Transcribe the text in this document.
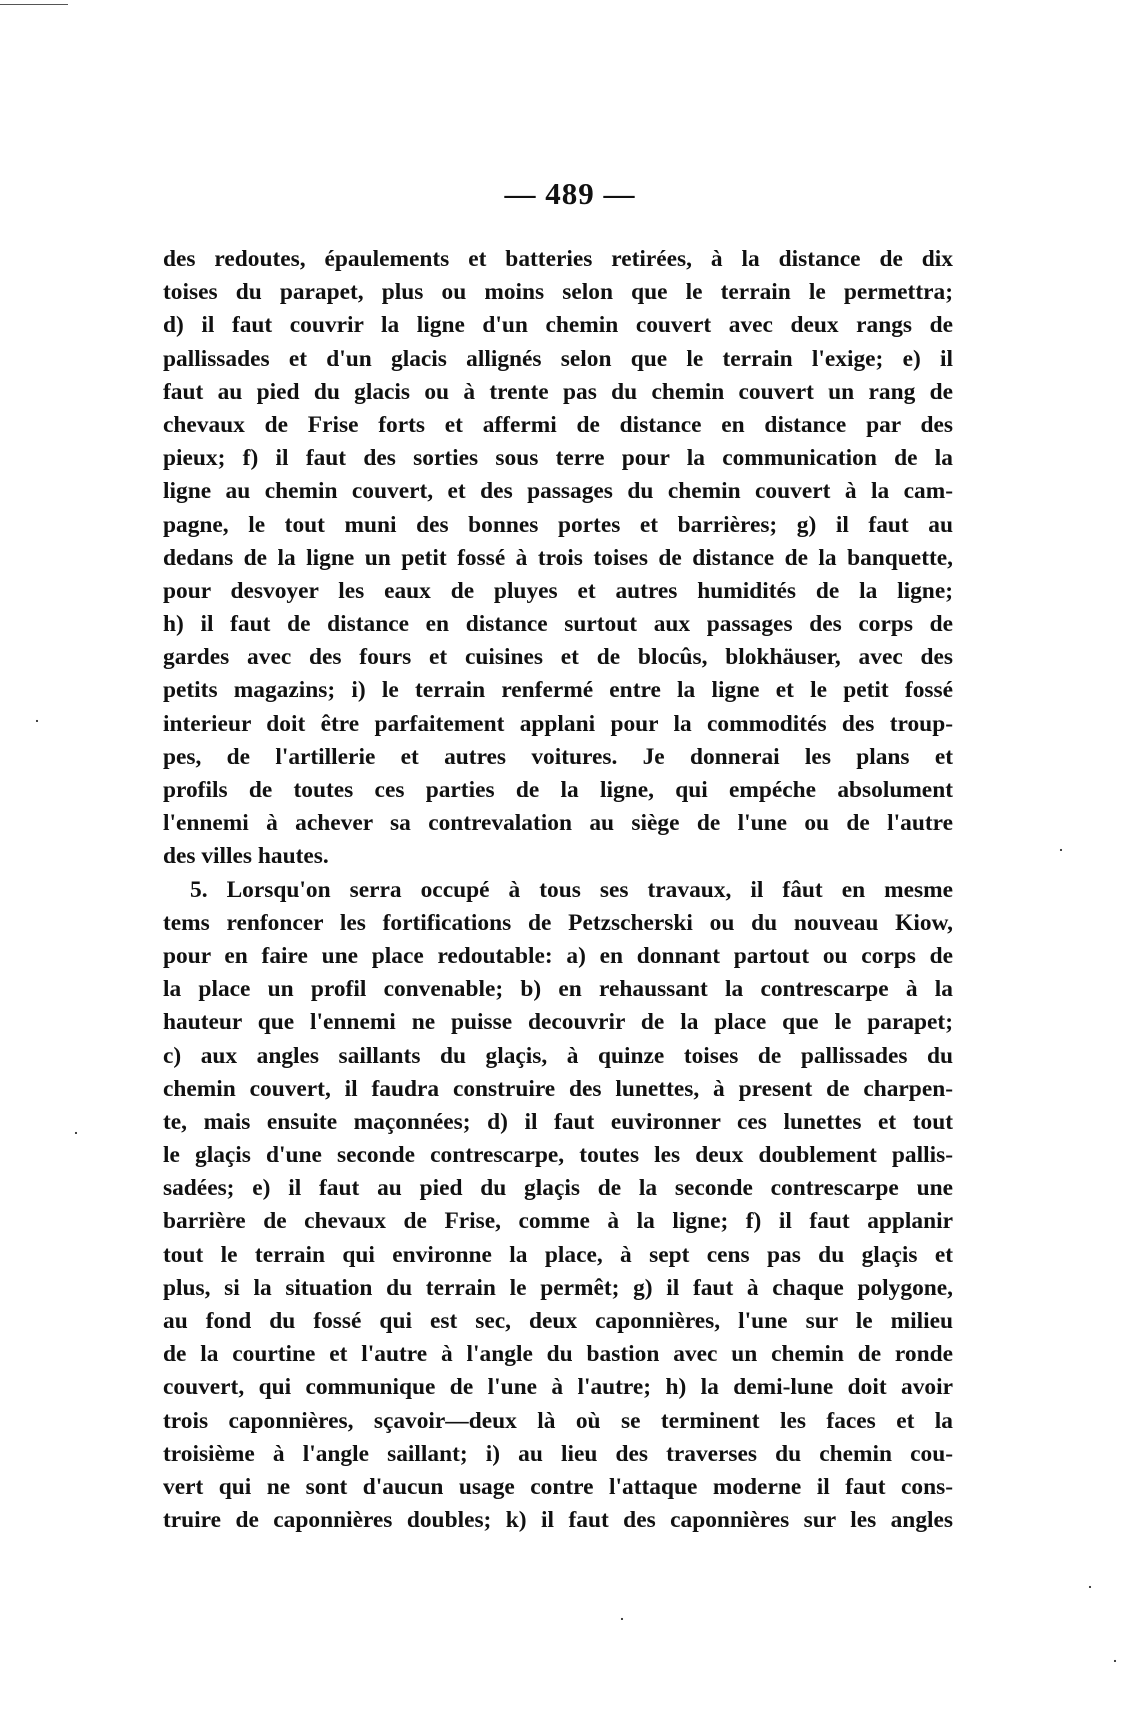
— 489 —
des redoutes, épaulements et batteries retirées, à la distance de dix
toises du parapet, plus ou moins selon que le terrain le permettra;
d) il faut couvrir la ligne d'un chemin couvert avec deux rangs de
pallissades et d'un glacis allignés selon que le terrain l'exige; e) il
faut au pied du glacis ou à trente pas du chemin couvert un rang de
chevaux de Frise forts et affermi de distance en distance par des
pieux; f) il faut des sorties sous terre pour la communication de la
ligne au chemin couvert, et des passages du chemin couvert à la cam-
pagne, le tout muni des bonnes portes et barrières; g) il faut au
dedans de la ligne un petit fossé à trois toises de distance de la banquette,
pour desvoyer les eaux de pluyes et autres humidités de la ligne;
h) il faut de distance en distance surtout aux passages des corps de
gardes avec des fours et cuisines et de blocûs, blokhäuser, avec des
petits magazins; i) le terrain renfermé entre la ligne et le petit fossé
interieur doit être parfaitement applani pour la commodités des troup-
pes, de l'artillerie et autres voitures. Je donnerai les plans et
profils de toutes ces parties de la ligne, qui empéche absolument
l'ennemi à achever sa contrevalation au siège de l'une ou de l'autre
des villes hautes.
5. Lorsqu'on serra occupé à tous ses travaux, il fâut en mesme
tems renfoncer les fortifications de Petzscherski ou du nouveau Kiow,
pour en faire une place redoutable: a) en donnant partout ou corps de
la place un profil convenable; b) en rehaussant la contrescarpe à la
hauteur que l'ennemi ne puisse decouvrir de la place que le parapet;
c) aux angles saillants du glaçis, à quinze toises de pallissades du
chemin couvert, il faudra construire des lunettes, à present de charpen-
te, mais ensuite maçonnées; d) il faut euvironner ces lunettes et tout
le glaçis d'une seconde contrescarpe, toutes les deux doublement pallis-
sadées; e) il faut au pied du glaçis de la seconde contrescarpe une
barrière de chevaux de Frise, comme à la ligne; f) il faut applanir
tout le terrain qui environne la place, à sept cens pas du glaçis et
plus, si la situation du terrain le permêt; g) il faut à chaque polygone,
au fond du fossé qui est sec, deux caponnières, l'une sur le milieu
de la courtine et l'autre à l'angle du bastion avec un chemin de ronde
couvert, qui communique de l'une à l'autre; h) la demi-lune doit avoir
trois caponnières, sçavoir—deux là où se terminent les faces et la
troisième à l'angle saillant; i) au lieu des traverses du chemin cou-
vert qui ne sont d'aucun usage contre l'attaque moderne il faut cons-
truire de caponnières doubles; k) il faut des caponnières sur les angles
·
·
·
·
·
·
